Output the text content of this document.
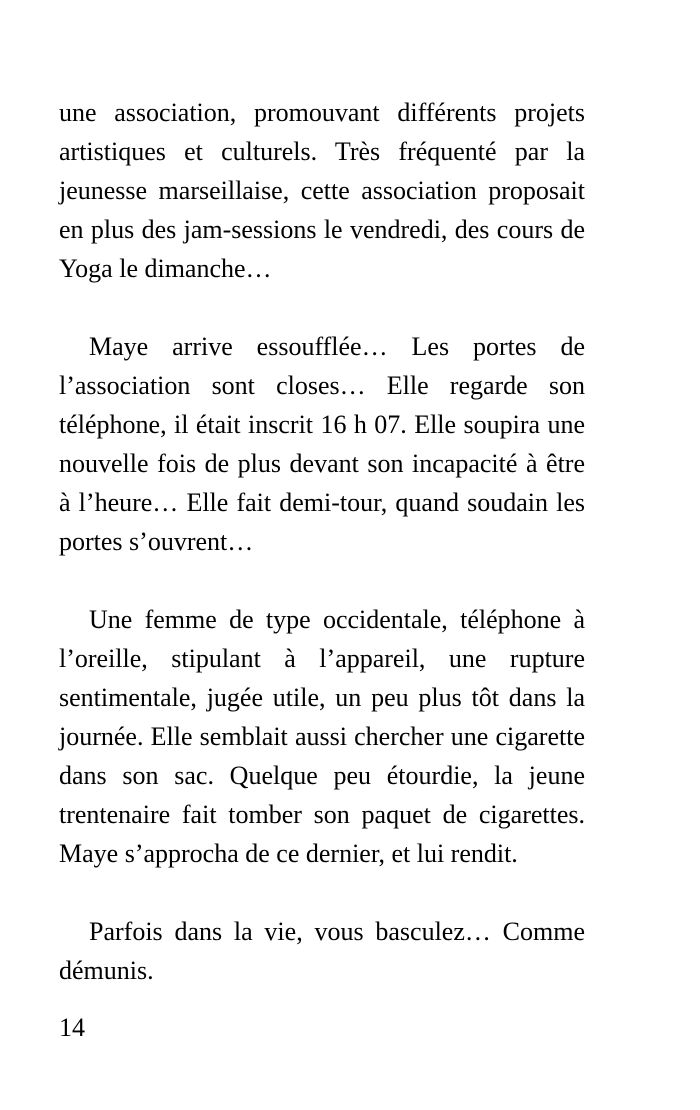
une association, promouvant différents projets artistiques et culturels. Très fréquenté par la jeunesse marseillaise, cette association proposait en plus des jam-sessions le vendredi, des cours de Yoga le dimanche…

Maye arrive essoufflée… Les portes de l’association sont closes… Elle regarde son téléphone, il était inscrit 16 h 07. Elle soupira une nouvelle fois de plus devant son incapacité à être à l’heure… Elle fait demi-tour, quand soudain les portes s’ouvrent…

Une femme de type occidentale, téléphone à l’oreille, stipulant à l’appareil, une rupture sentimentale, jugée utile, un peu plus tôt dans la journée. Elle semblait aussi chercher une cigarette dans son sac. Quelque peu étourdie, la jeune trentenaire fait tomber son paquet de cigarettes. Maye s’approcha de ce dernier, et lui rendit.

Parfois dans la vie, vous basculez… Comme démunis.

14
